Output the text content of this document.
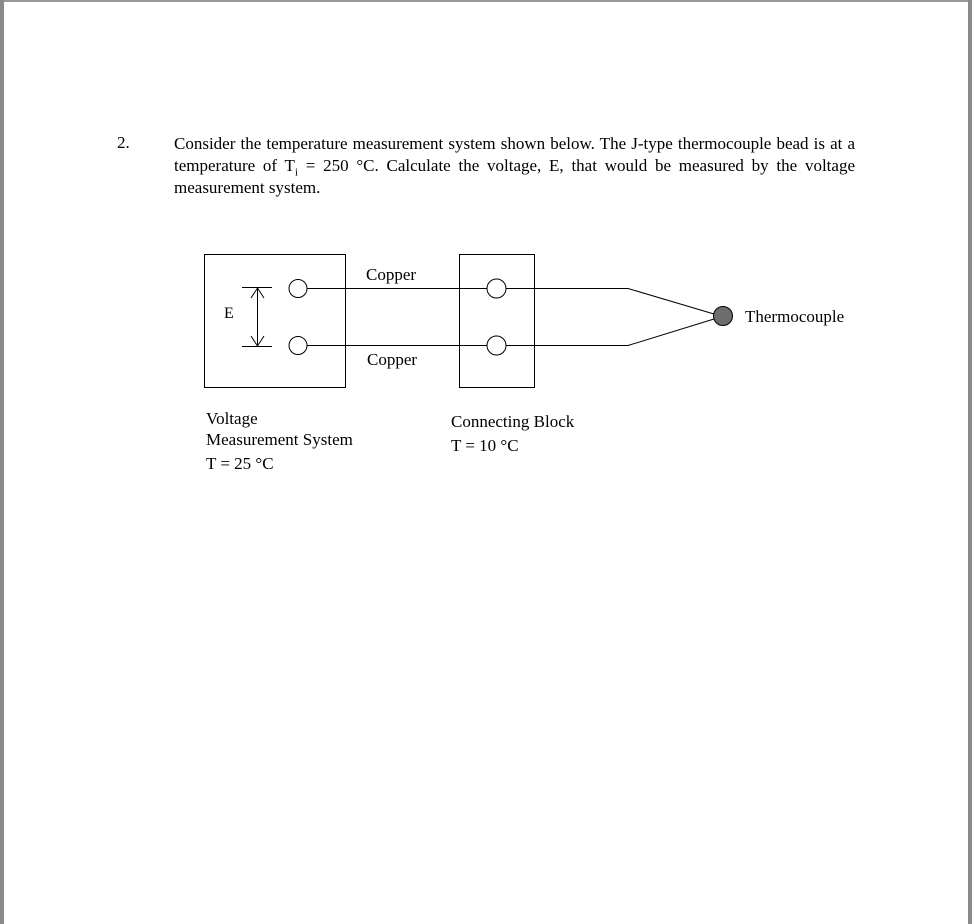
2.	Consider the temperature measurement system shown below. The J-type thermocouple bead is at a temperature of $T_i = 250$ °C. Calculate the voltage, E, that would be measured by the voltage measurement system.
E
Copper
Copper
Thermocouple
Voltage
Measurement System
T = 25 °C
Connecting Block
T = 10 °C
